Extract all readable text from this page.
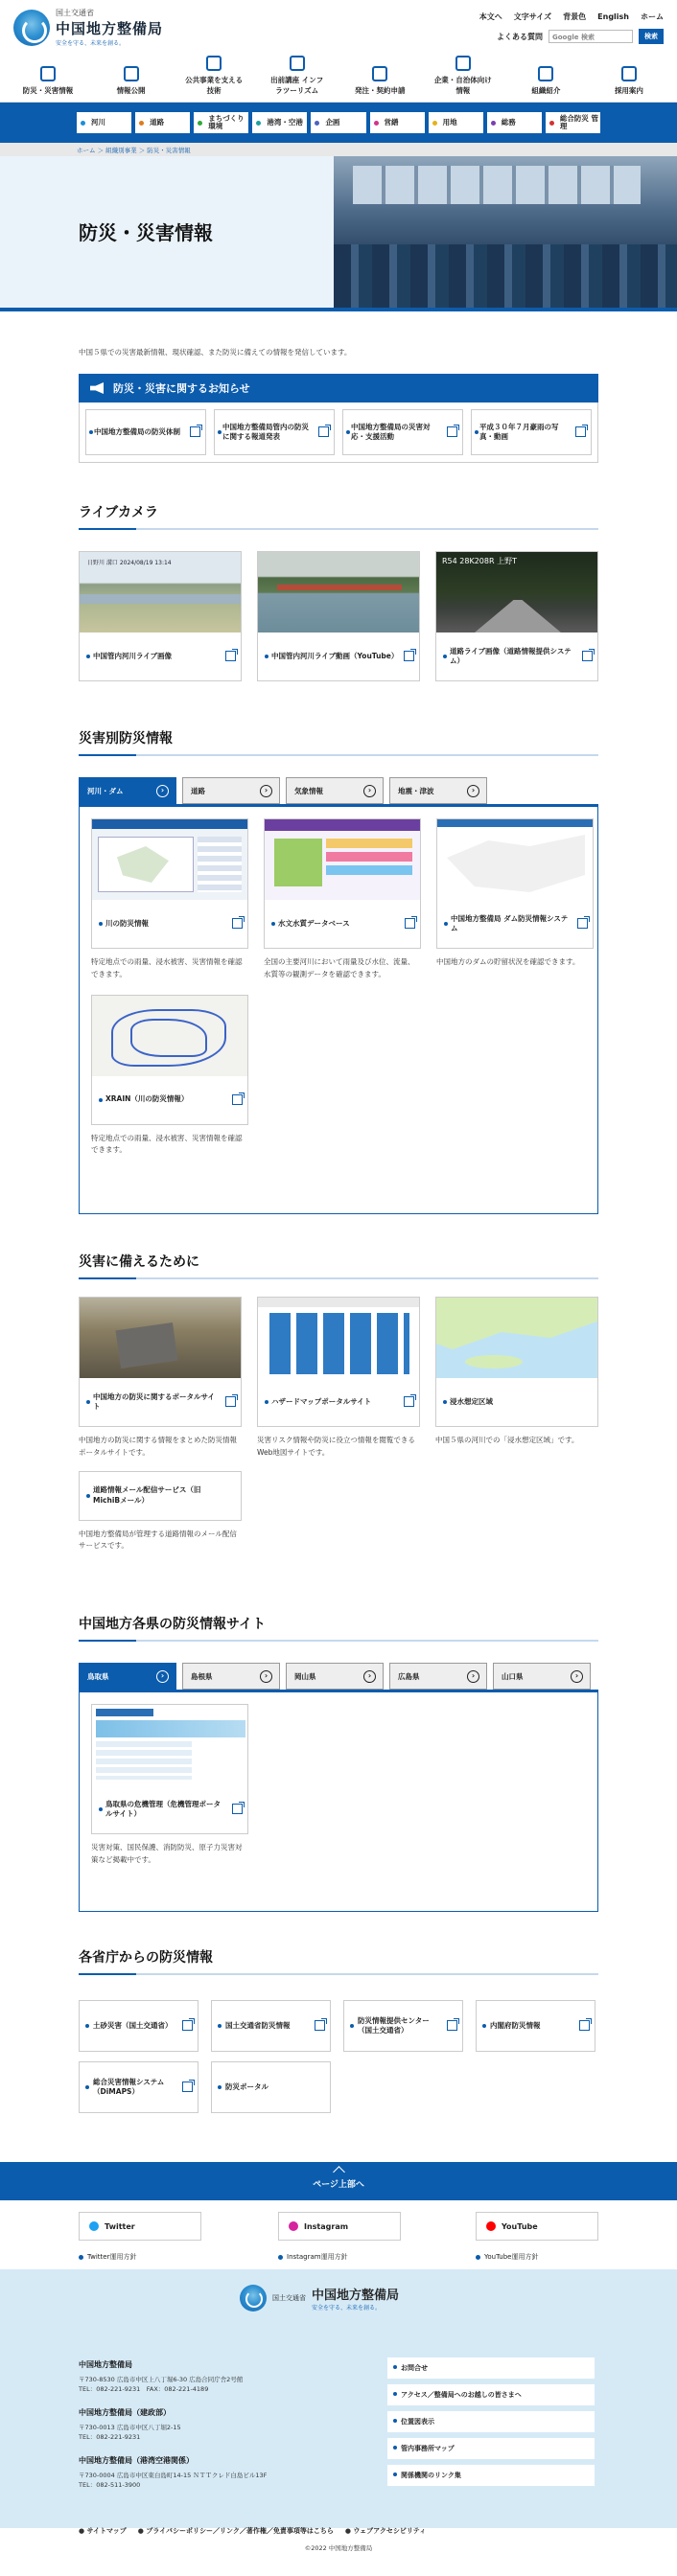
国土交通省
中国地方整備局
安全を守る、未来を創る。
本文へ 文字サイズ 背景色 English ホーム
よくある質問	Google 検索	検索
防災・災害情報	情報公開
公共事業を支える技術
出前講座 インフラツーリズム	発注・契約申請
企業・自治体向け情報	組織紹介	採用案内
河川	道路	まちづくり 環境	港湾・空港	企画	営繕	用地	総務	総合防災 管理
ホーム ＞ 組織別事業 ＞ 防災・災害情報
防災・災害情報

中国５県での災害最新情報、現状確認、また防災に備えての情報を発信しています。

防災・災害に関するお知らせ
中国地方整備局の防災体制
中国地方整備局管内の防災に関する報道発表
中国地方整備局の災害対応・支援活動
平成３０年７月豪雨の写真・動画
ライブカメラ
日野川 溝口 2024/08/19 13:14
中国管内河川ライブ画像	中国管内河川ライブ動画（YouTube）
R54 28K208R 上野T
道路ライブ画像（道路情報提供システム）
災害別防災情報
河川・ダム ›	道路 ›	気象情報 ›	地震・津波 ›
川の防災情報

特定地点での雨量、浸水被害、災害情報を確認できます。

水文水質データベース

全国の主要河川において雨量及び水位、流量、水質等の観測データを確認できます。

中国地方整備局 ダム防災情報システム

中国地方のダムの貯留状況を確認できます。

XRAIN（川の防災情報）

特定地点での雨量、浸水被害、災害情報を確認できます。

災害に備えるために
中国地方の防災に関するポータルサイト

中国地方の防災に関する情報をまとめた防災情報ポータルサイトです。

ハザードマップポータルサイト

災害リスク情報や防災に役立つ情報を閲覧できるWeb地図サイトです。

浸水想定区域

中国５県の河川での「浸水想定区域」です。

道路情報メール配信サービス（旧MichiBメール）

中国地方整備局が管理する道路情報のメール配信サービスです。

中国地方各県の防災情報サイト
鳥取県 ›	島根県 ›	岡山県 ›	広島県 ›	山口県 ›
鳥取県の危機管理（危機管理ポータルサイト）

災害対策、国民保護、消防防災、原子力災害対策など掲載中です。

各省庁からの防災情報
土砂災害（国土交通省）	国土交通省防災情報
防災情報提供センター（国土交通省）
内閣府防災情報
総合災害情報システム（DiMAPS）
防災ポータル
ページ上部へ
Twitter	Instagram	YouTube
Twitter運用方針	Instagram運用方針	YouTube運用方針
国土交通省 中国地方整備局
安全を守る、未来を創る。
中国地方整備局
〒730-8530 広島市中区上八丁堀6-30 広島合同庁舎2号館
TEL：082-221-9231　FAX：082-221-4189
中国地方整備局（建政部）
〒730-0013 広島市中区八丁堀2-15
TEL：082-221-9231
中国地方整備局（港湾空港関係）
〒730-0004 広島市中区東白島町14-15 ＮＴＴクレド白島ビル13F
TEL：082-511-3900
お問合せ
アクセス／整備局へのお越しの皆さまへ
位置図表示
管内事務所マップ
関係機関のリンク集
● サイトマップ	● プライバシーポリシー／リンク／著作権／免責事項等はこちら	● ウェブアクセシビリティ
©2022 中国地方整備局
